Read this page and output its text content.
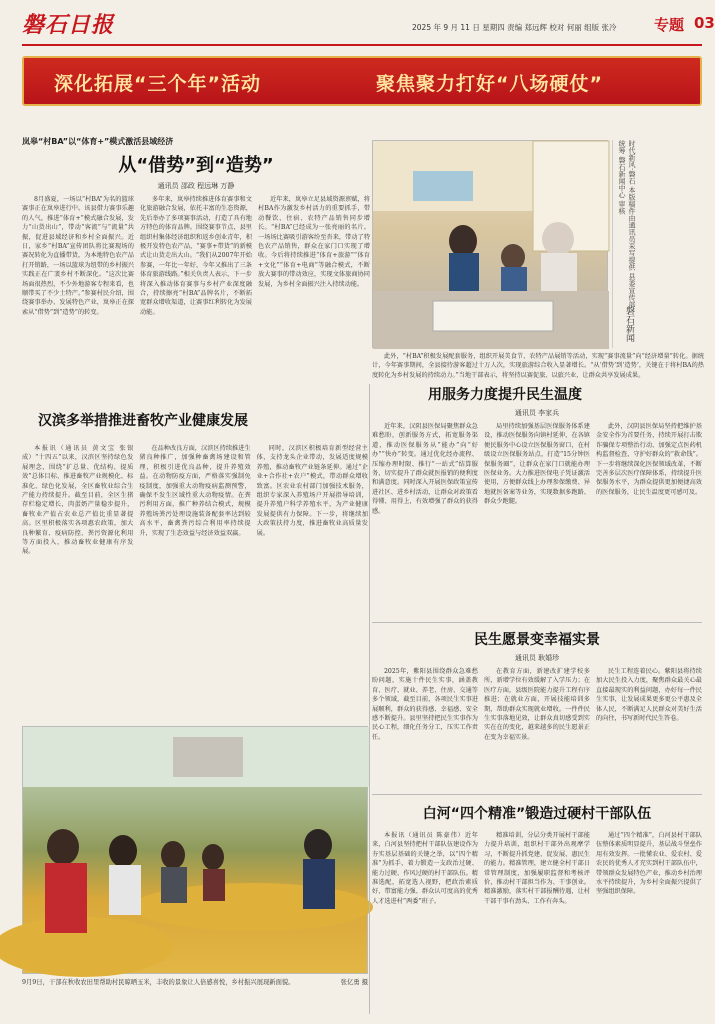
磐石日报	2025 年 9 月 11 日 星期四 责编 郑远辉 校对 何丽 组版 张冷 专题 03
深化拓展“三个年”活动	聚焦聚力打好“八场硬仗”
岚皋“村BA”以“体育+”模式激活县域经济
从“借势”到“造势”
通讯员 邵政 程远琳 万静
8月盛夏，一场以“村BA”为名的篮球赛事正在岚皋进行中。该县借力赛事乐趣的人气，推进“体育+”模式融合发展，发力“山货出山”，带动“客流”与“流量”共振，促进县域经济和乡村全面振兴。近日，家乡“村BA”宣传团队将比赛现场的赛况转化为直播带货，为本地特色农产品打开销路，一场以篮球为纽带的乡村振兴实践正在广袤乡村不断深化。“这次比赛场面很热烈，不少外地游客专程来看，也顺带买了不少土特产。”参赛村民介绍，围绕赛事举办、发展特色产业，岚皋正在探索从“借势”到“造势”的转变。
多年来，岚皋持续推进体育赛事和文化旅游融合发展，依托丰富的生态资源，先后举办了多项赛事活动，打造了具有地方特色的体育品牌。围绕赛事节点，县里组织村集体经济组织和返乡创业青年，积极开发特色农产品，“赛事+带货”的新模式让山货走出大山。“我们从2007年开始参赛，一年比一年好，今年又推出了三条体育旅游线路。”相关负责人表示，下一步将深入推动体育赛事与乡村产业深度融合，持续擦亮“村BA”品牌名片，不断拓宽群众增收渠道，让赛事红利转化为发展动能。
近年来，岚皋立足县域资源禀赋，将村BA作为激发乡村活力的重要抓手，带动餐饮、住宿、农特产品销售同步增长。“村BA”已经成为一张亮丽的名片。一场场比赛吸引游客纷至沓来，带动了特色农产品销售，群众在家门口实现了增收。今后将持续推进“体育+旅游”“体育+文化”“体育+电商”等融合模式，不断放大赛事的带动效应，实现文体旅商协同发展，为乡村全面振兴注入持续动能。	时代新风·磐石 本版稿件由通讯员采写提供 县委宣传部 统筹 磐石新闻中心 审核
磐石新闻
此外，“村BA”积极发展配套服务，组织开展美食节、农特产品展销等活动，实现“赛事流量”向“经济增量”转化。据统计，今年赛事期间，全县接待游客超过十万人次，实现旅游综合收入显著增长。“从‘借势’到‘造势’，关键在于将村BA的热度转化为乡村发展的持续动力。”当地干部表示，将坚持以赛促旅、以旅兴业，让群众共享发展成果。
用服务力度提升民生温度
通讯员 李家兵
近年来，汉阴县医保局聚焦群众急难愁盼，创新服务方式，拓宽服务渠道，推动医保服务从“能办”向“好办”“快办”转变。通过优化经办流程、压缩办理时限、推行“一站式”结算服务，切实提升了群众就医报销的便利度和满意度。同时深入开展医保政策宣传进社区、进乡村活动，让群众对政策看得懂、用得上，有效增强了群众的获得感。
局里持续加强基层医保服务体系建设，推动医保服务向镇村延伸，在各镇便民服务中心设立医保服务窗口，在村级设立医保服务站点，打造“15分钟医保服务圈”，让群众在家门口就能办理医保业务。大力推进医保电子凭证激活使用，方便群众线上办理参保缴费、异地就医备案等业务，实现数据多跑路、群众少跑腿。
此外，汉阴县医保局坚持把维护基金安全作为首要任务，持续开展打击欺诈骗保专项整治行动，加强定点医药机构监督检查，守护好群众的“救命钱”。下一步将继续深化医保领域改革，不断完善多层次医疗保障体系，持续提升医保服务水平，为群众提供更加便捷高效的医保服务，让民生温度更可感可及。
汉滨多举措推进畜牧产业健康发展
本报讯（通讯员 黄文宝 张银成）“十四五”以来，汉滨区坚持绿色发展理念，围绕“扩总量、优结构、提质效”总体目标，推进畜牧产业规模化、标准化、绿色化发展，全区畜牧业综合生产能力持续提升。截至目前，全区生猪存栏稳定增长，肉蛋奶产量稳步提升，畜牧业产值占农业总产值比重显著提高。区里积极落实各项惠农政策，加大良种繁育、疫病防控、粪污资源化利用等方面投入，推动畜牧业健康有序发展。
在品种改良方面，汉滨区持续推进生猪良种推广，加强种畜禽场建设和管理，积极引进优良品种，提升养殖效益。在动物防疫方面，严格落实强制免疫制度，加强重大动物疫病监测预警，确保不发生区域性重大动物疫情。在粪污利用方面，推广种养结合模式，规模养殖场粪污处理设施装备配套率达到较高水平，畜禽粪污综合利用率持续提升，实现了生态效益与经济效益双赢。
同时，汉滨区积极培育新型经营主体，支持龙头企业带动，发展适度规模养殖，推动畜牧产业链条延伸。通过“企业+合作社+农户”模式，带动群众增收致富。区农业农村部门加强技术服务，组织专家深入养殖场户开展指导培训，提升养殖户科学养殖水平，为产业健康发展提供有力保障。下一步，将继续加大政策扶持力度，推进畜牧业高质量发展。
9月9日，干部在秋收农田里帮助村民晾晒玉米，丰收的景象让人倍感喜悦，乡村振兴展现新面貌。	张亿勇 摄
民生愿景变幸福实景
通讯员 耿婚珍
2025年，紫阳县围绕群众急难愁盼问题，实施十件民生实事，涵盖教育、医疗、就业、养老、住房、交通等多个领域，截至目前，各项民生实事进展顺利，群众的获得感、幸福感、安全感不断提升。县里坚持把民生实事作为民心工程，细化任务分工，压实工作责任。
在教育方面，新建改扩建学校多所，新增学位有效缓解了入学压力；在医疗方面，县级医院能力提升工程有序推进；在就业方面，开展技能培训多期，帮助群众实现就业增收。一件件民生实事落地见效，让群众真切感受到实实在在的变化，越来越多的民生愿景正在变为幸福实景。
民生工程连着民心。紫阳县将持续加大民生投入力度，聚焦群众最关心最直接最现实的利益问题，办好每一件民生实事，让发展成果更多更公平惠及全体人民，不断满足人民群众对美好生活的向往，书写新时代民生答卷。
白河“四个精准”锻造过硬村干部队伍
本报讯（通讯员 陈豪伟）近年来，白河县坚持把村干部队伍建设作为夯实基层基础的关键之举，以“四个精准”为抓手，着力锻造一支政治过硬、能力过硬、作风过硬的村干部队伍。精准选配，拓宽选人视野，把政治素质好、带富能力强、群众认可度高的优秀人才选进村“两委”班子。
精准培训，分层分类开展村干部能力提升培训，组织村干部外出观摩学习，不断提升抓党建、促发展、惠民生的能力。精准管理，建立健全村干部日常管理制度，加强履职监督和考核评价，推动村干部担当作为、干事创业。精准激励，落实村干部报酬待遇，让村干部干事有劲头、工作有奔头。
通过“四个精准”，白河县村干部队伍整体素质明显提升，基层战斗堡垒作用有效发挥。一批懂农业、爱农村、爱农民的优秀人才充实到村干部队伍中，带领群众发展特色产业，推动乡村治理水平持续提升，为乡村全面振兴提供了坚强组织保障。
